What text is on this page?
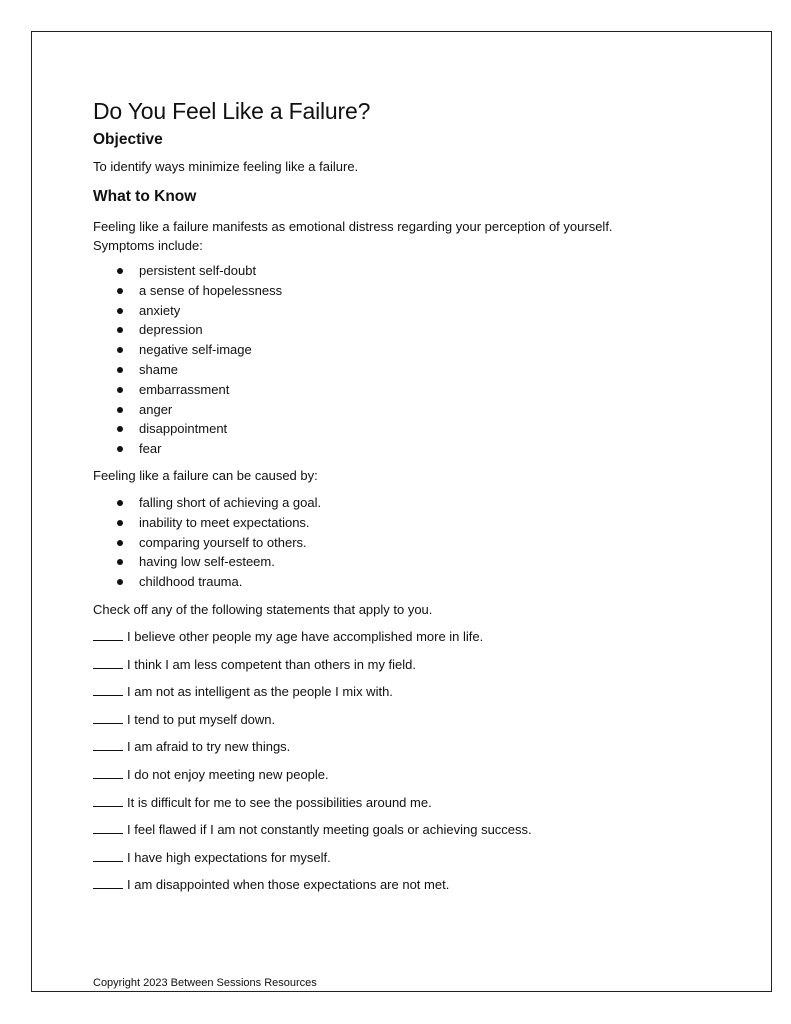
Do You Feel Like a Failure?
Objective

To identify ways minimize feeling like a failure.

What to Know

Feeling like a failure manifests as emotional distress regarding your perception of yourself. Symptoms include:

persistent self-doubt
a sense of hopelessness
anxiety
depression
negative self-image
shame
embarrassment
anger
disappointment
fear

Feeling like a failure can be caused by:

falling short of achieving a goal.
inability to meet expectations.
comparing yourself to others.
having low self-esteem.
childhood trauma.

Check off any of the following statements that apply to you.

I believe other people my age have accomplished more in life.

I think I am less competent than others in my field.

I am not as intelligent as the people I mix with.

I tend to put myself down.

I am afraid to try new things.

I do not enjoy meeting new people.

It is difficult for me to see the possibilities around me.

I feel flawed if I am not constantly meeting goals or achieving success.

I have high expectations for myself.

I am disappointed when those expectations are not met.

Copyright 2023 Between Sessions Resources
